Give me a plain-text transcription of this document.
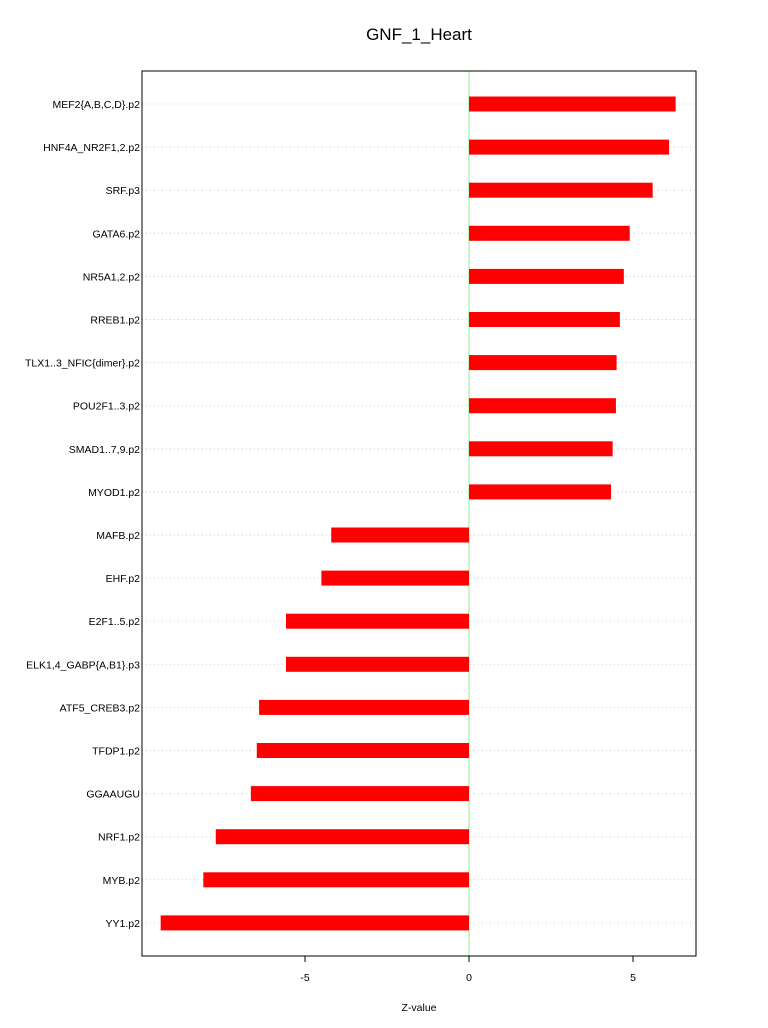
GNF_1_Heart
MEF2{A,B,C,D}.p2
HNF4A_NR2F1,2.p2
SRF.p3
GATA6.p2
NR5A1,2.p2
RREB1.p2
TLX1..3_NFIC{dimer}.p2
POU2F1..3.p2
SMAD1..7,9.p2
MYOD1.p2
MAFB.p2
EHF.p2
E2F1..5.p2
ELK1,4_GABP{A,B1}.p3
ATF5_CREB3.p2
TFDP1.p2
GGAAUGU
NRF1.p2
MYB.p2
YY1.p2
-5	0	5
Z-value
